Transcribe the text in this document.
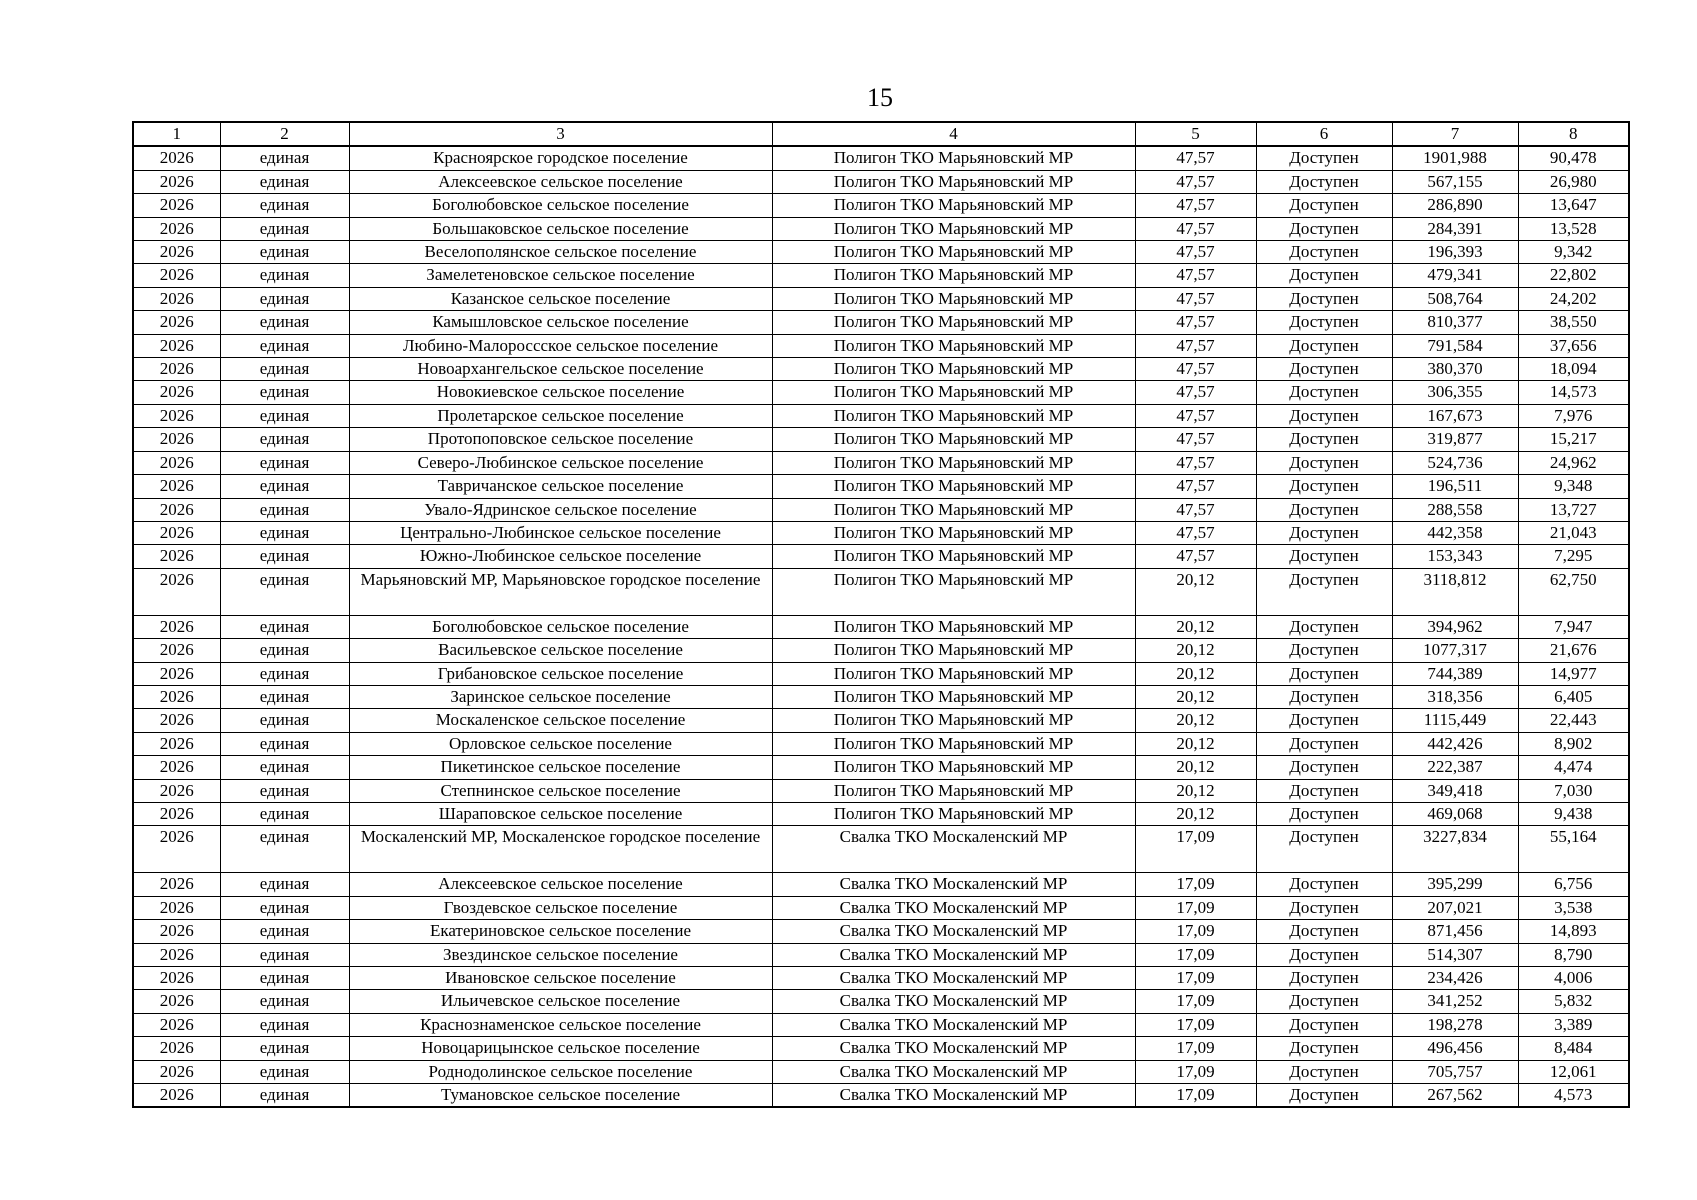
15
1	2	3	4	5	6	7	8
2026	единая	Красноярское городское поселение	Полигон ТКО Марьяновский МР	47,57	Доступен	1901,988	90,478
2026	единая	Алексеевское сельское поселение	Полигон ТКО Марьяновский МР	47,57	Доступен	567,155	26,980
2026	единая	Боголюбовское сельское поселение	Полигон ТКО Марьяновский МР	47,57	Доступен	286,890	13,647
2026	единая	Большаковское сельское поселение	Полигон ТКО Марьяновский МР	47,57	Доступен	284,391	13,528
2026	единая	Веселополянское сельское поселение	Полигон ТКО Марьяновский МР	47,57	Доступен	196,393	9,342
2026	единая	Замелетеновское сельское поселение	Полигон ТКО Марьяновский МР	47,57	Доступен	479,341	22,802
2026	единая	Казанское сельское поселение	Полигон ТКО Марьяновский МР	47,57	Доступен	508,764	24,202
2026	единая	Камышловское сельское поселение	Полигон ТКО Марьяновский МР	47,57	Доступен	810,377	38,550
2026	единая	Любино-Малороссское сельское поселение	Полигон ТКО Марьяновский МР	47,57	Доступен	791,584	37,656
2026	единая	Новоархангельское сельское поселение	Полигон ТКО Марьяновский МР	47,57	Доступен	380,370	18,094
2026	единая	Новокиевское сельское поселение	Полигон ТКО Марьяновский МР	47,57	Доступен	306,355	14,573
2026	единая	Пролетарское сельское поселение	Полигон ТКО Марьяновский МР	47,57	Доступен	167,673	7,976
2026	единая	Протопоповское сельское поселение	Полигон ТКО Марьяновский МР	47,57	Доступен	319,877	15,217
2026	единая	Северо-Любинское сельское поселение	Полигон ТКО Марьяновский МР	47,57	Доступен	524,736	24,962
2026	единая	Тавричанское сельское поселение	Полигон ТКО Марьяновский МР	47,57	Доступен	196,511	9,348
2026	единая	Увало-Ядринское сельское поселение	Полигон ТКО Марьяновский МР	47,57	Доступен	288,558	13,727
2026	единая	Центрально-Любинское сельское поселение	Полигон ТКО Марьяновский МР	47,57	Доступен	442,358	21,043
2026	единая	Южно-Любинское сельское поселение	Полигон ТКО Марьяновский МР	47,57	Доступен	153,343	7,295
2026	единая	Марьяновский МР, Марьяновское городское поселение	Полигон ТКО Марьяновский МР	20,12	Доступен	3118,812	62,750
2026	единая	Боголюбовское сельское поселение	Полигон ТКО Марьяновский МР	20,12	Доступен	394,962	7,947
2026	единая	Васильевское сельское поселение	Полигон ТКО Марьяновский МР	20,12	Доступен	1077,317	21,676
2026	единая	Грибановское сельское поселение	Полигон ТКО Марьяновский МР	20,12	Доступен	744,389	14,977
2026	единая	Заринское сельское поселение	Полигон ТКО Марьяновский МР	20,12	Доступен	318,356	6,405
2026	единая	Москаленское сельское поселение	Полигон ТКО Марьяновский МР	20,12	Доступен	1115,449	22,443
2026	единая	Орловское сельское поселение	Полигон ТКО Марьяновский МР	20,12	Доступен	442,426	8,902
2026	единая	Пикетинское сельское поселение	Полигон ТКО Марьяновский МР	20,12	Доступен	222,387	4,474
2026	единая	Степнинское сельское поселение	Полигон ТКО Марьяновский МР	20,12	Доступен	349,418	7,030
2026	единая	Шараповское сельское поселение	Полигон ТКО Марьяновский МР	20,12	Доступен	469,068	9,438
2026	единая	Москаленский МР, Москаленское городское поселение	Свалка ТКО Москаленский МР	17,09	Доступен	3227,834	55,164
2026	единая	Алексеевское сельское поселение	Свалка ТКО Москаленский МР	17,09	Доступен	395,299	6,756
2026	единая	Гвоздевское сельское поселение	Свалка ТКО Москаленский МР	17,09	Доступен	207,021	3,538
2026	единая	Екатериновское сельское поселение	Свалка ТКО Москаленский МР	17,09	Доступен	871,456	14,893
2026	единая	Звездинское сельское поселение	Свалка ТКО Москаленский МР	17,09	Доступен	514,307	8,790
2026	единая	Ивановское сельское поселение	Свалка ТКО Москаленский МР	17,09	Доступен	234,426	4,006
2026	единая	Ильичевское сельское поселение	Свалка ТКО Москаленский МР	17,09	Доступен	341,252	5,832
2026	единая	Краснознаменское сельское поселение	Свалка ТКО Москаленский МР	17,09	Доступен	198,278	3,389
2026	единая	Новоцарицынское сельское поселение	Свалка ТКО Москаленский МР	17,09	Доступен	496,456	8,484
2026	единая	Роднодолинское сельское поселение	Свалка ТКО Москаленский МР	17,09	Доступен	705,757	12,061
2026	единая	Тумановское сельское поселение	Свалка ТКО Москаленский МР	17,09	Доступен	267,562	4,573
